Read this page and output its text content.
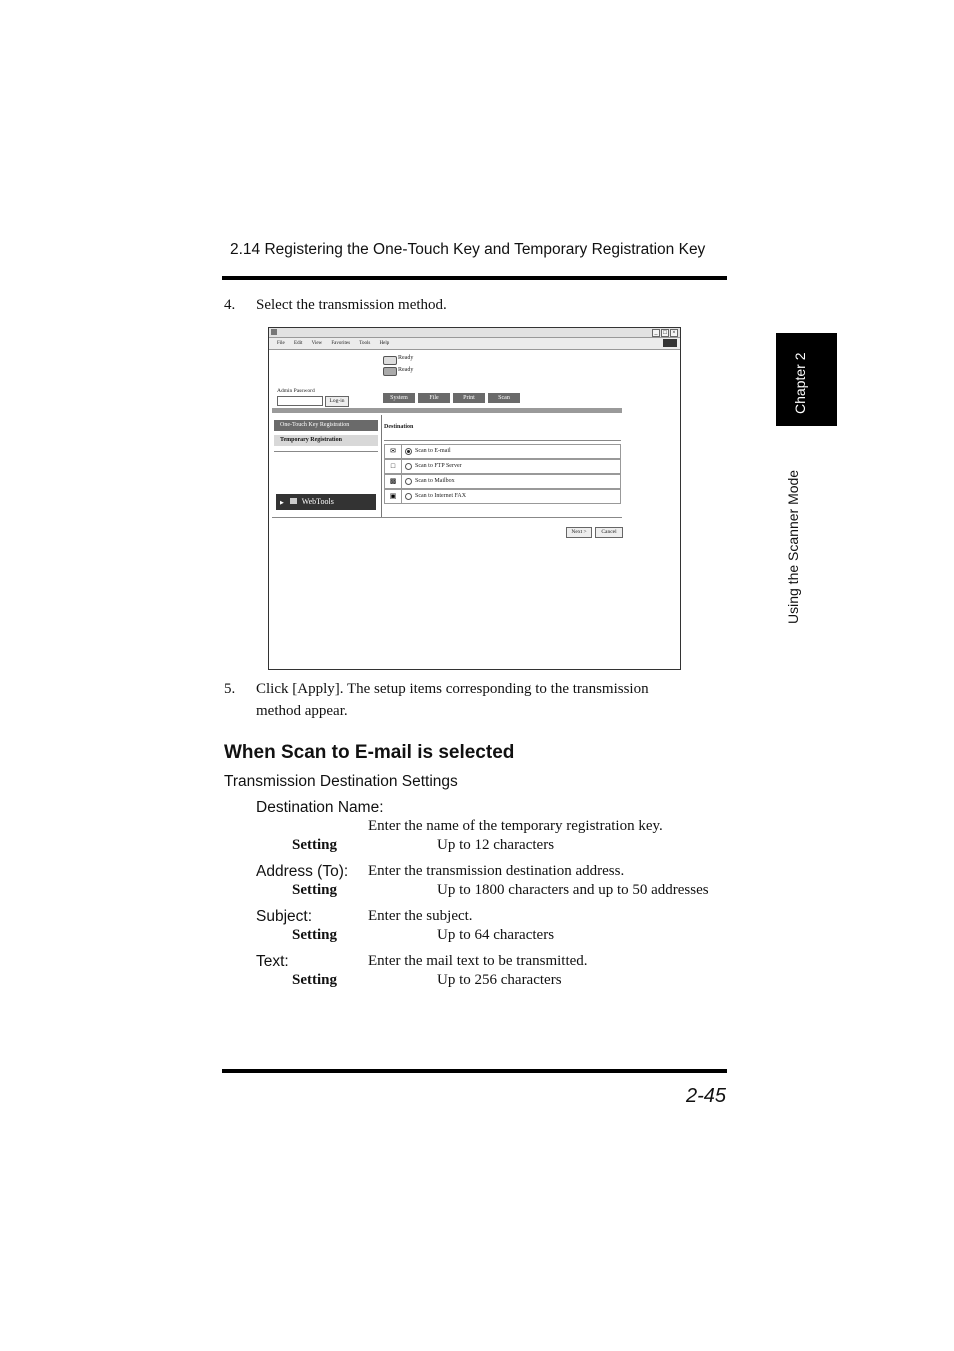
2.14 Registering the One-Touch Key and Temporary Registration Key
Chapter 2
Using the Scanner Mode
4. Select the transmission method.
_ □ ×
File Edit View Favorites Tools Help
Ready
Ready
Admin Password
Log-in	System	File	Print	Scan
One-Touch Key Registration
Temporary Registration
▶ WebTools
Destination
✉	Scan to E-mail
□	Scan to FTP Server
▩	Scan to Mailbox
▣	Scan to Internet FAX
Next >	Cancel
5. Click [Apply]. The setup items corresponding to the transmission
method appear.
When Scan to E-mail is selected
Transmission Destination Settings
Destination Name:
Enter the name of the temporary registration key.
Setting	Up to 12 characters
Address (To): Enter the transmission destination address.
Setting	Up to 1800 characters and up to 50 addresses
Subject:	Enter the subject.
Setting	Up to 64 characters
Text:	Enter the mail text to be transmitted.
Setting	Up to 256 characters
2-45
